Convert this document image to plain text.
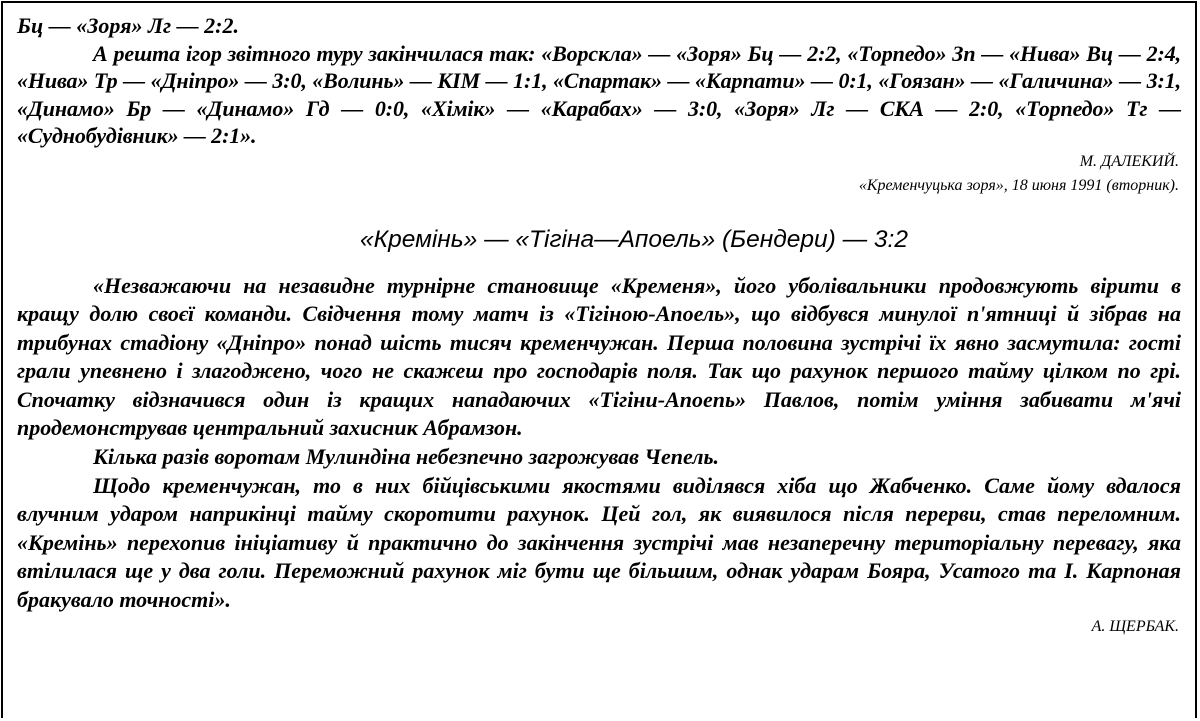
Бц — «Зоря» Лг — 2:2.

А решта ігор звітного туру закінчилася так: «Ворскла» — «Зоря» Бц — 2:2, «Торпедо» Зп — «Нива» Вц — 2:4, «Нива» Тр — «Дніпро» — 3:0, «Волинь» — КІМ — 1:1, «Спартак» — «Карпати» — 0:1, «Гоязан» — «Галичина» — 3:1, «Динамо» Бр — «Динамо» Гд — 0:0, «Хімік» — «Карабах» — 3:0, «Зоря» Лг — СКА — 2:0, «Торпедо» Тг — «Суднобудівник» — 2:1».

М. ДАЛЕКИЙ.

«Кременчуцька зоря», 18 июня 1991 (вторник).

«Кремінь» — «Тігіна—Апоель» (Бендери) — 3:2

«Незважаючи на незавидне турнірне становище «Кременя», його уболівальники продовжують вірити в кращу долю своєї команди. Свідчення тому матч із «Тігіною-Апоель», що відбувся минулої п'ятниці й зібрав на трибунах стадіону «Дніпро» понад шість тисяч кременчужан. Перша половина зустрічі їх явно засмутила: гості грали упевнено і злагоджено, чого не скажеш про господарів поля. Так що рахунок першого тайму цілком по грі. Спочатку відзначився один із кращих нападаючих «Тігіни-Апоепь» Павлов, потім уміння забивати м'ячі продемонстрував центральний захисник Абрамзон.

Кілька разів воротам Мулиндіна небезпечно загрожував Чепель.

Щодо кременчужан, то в них бійцівськими якостями виділявся хіба що Жабченко. Саме йому вдалося влучним ударом наприкінці тайму скоротити рахунок. Цей гол, як виявилося після перерви, став переломним. «Кремінь» перехопив ініціативу й практично до закінчення зустрічі мав незаперечну територіальну перевагу, яка втілилася ще у два голи. Переможний рахунок міг бути ще більшим, однак ударам Бояра, Усатого та І. Карпоная бракувало точності».

А. ЩЕРБАК.
